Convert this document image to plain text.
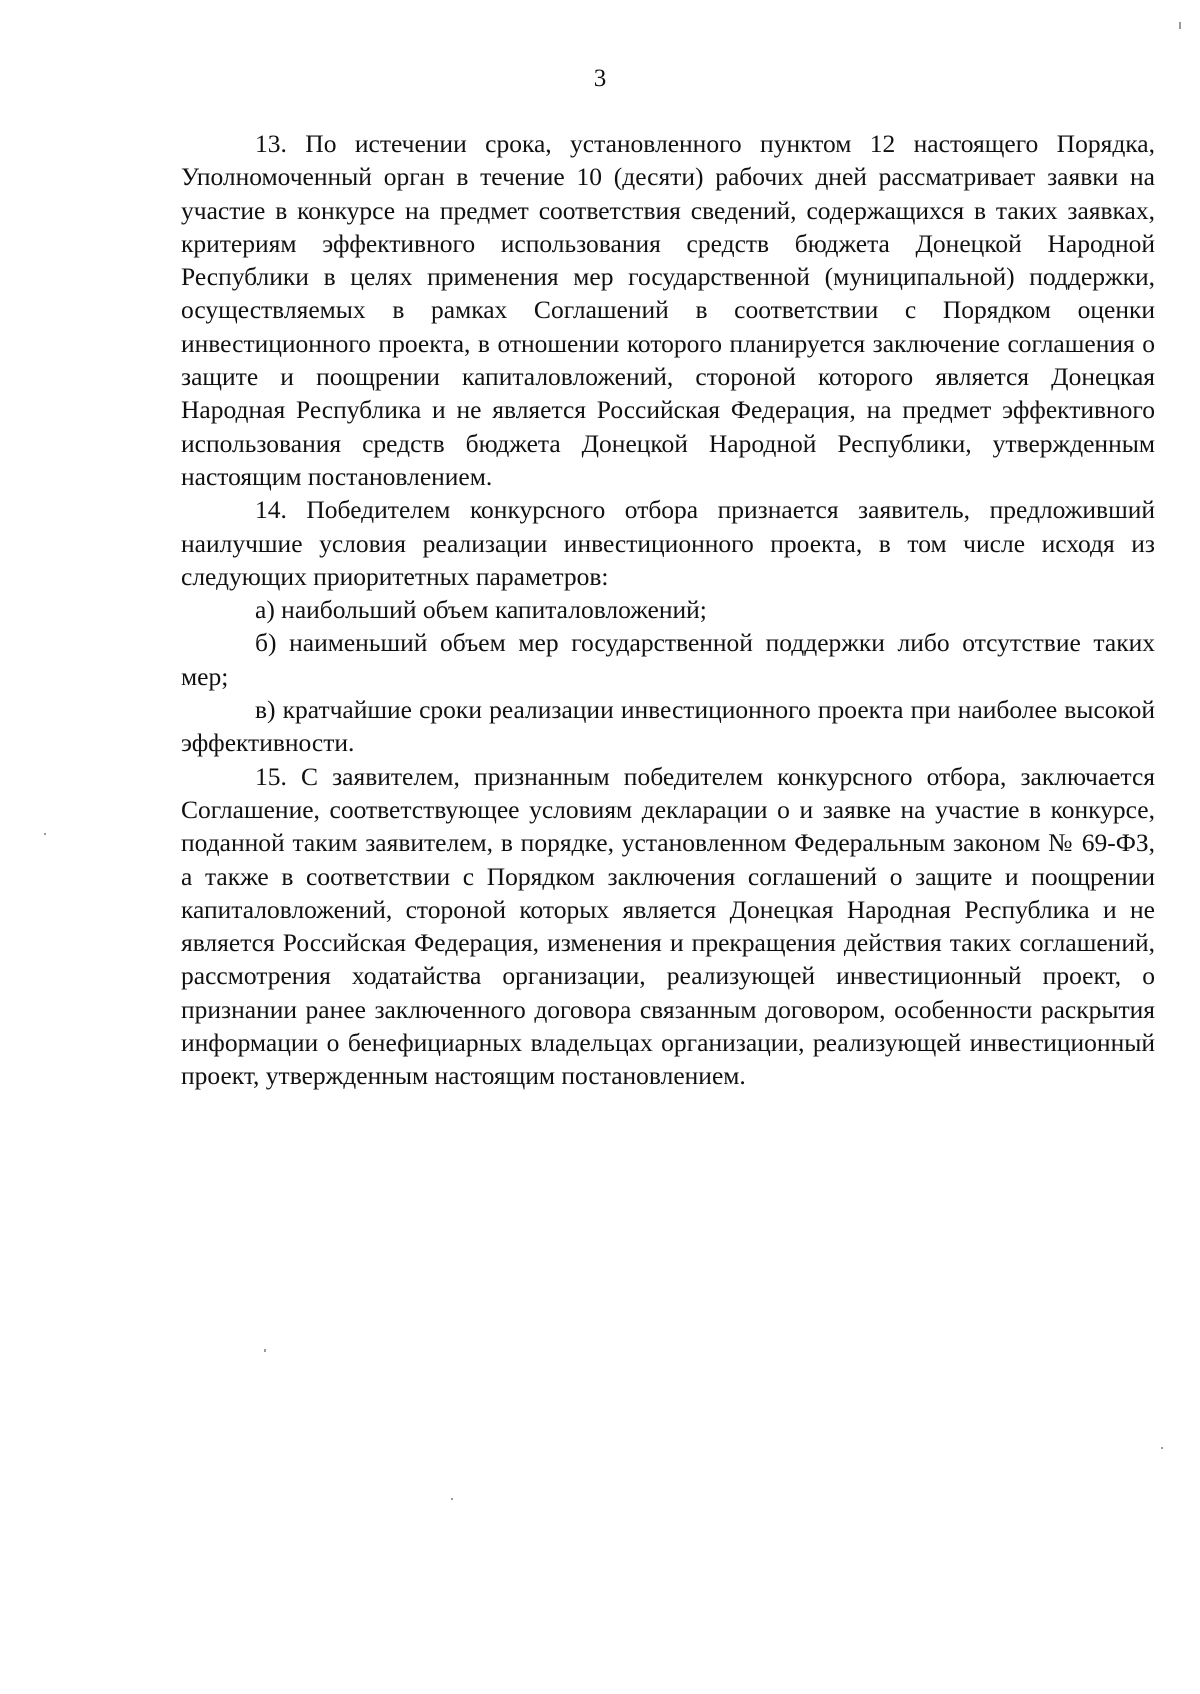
3

13. По истечении срока, установленного пунктом 12 настоящего Порядка, Уполномоченный орган в течение 10 (десяти) рабочих дней рассматривает заявки на участие в конкурсе на предмет соответствия сведений, содержащихся в таких заявках, критериям эффективного использования средств бюджета Донецкой Народной Республики в целях применения мер государственной (муниципальной) поддержки, осуществляемых в рамках Соглашений в соответствии с Порядком оценки инвестиционного проекта, в отношении которого планируется заключение соглашения о защите и поощрении капиталовложений, стороной которого является Донецкая Народная Республика и не является Российская Федерация, на предмет эффективного использования средств бюджета Донецкой Народной Республики, утвержденным настоящим постановлением.

14. Победителем конкурсного отбора признается заявитель, предложивший наилучшие условия реализации инвестиционного проекта, в том числе исходя из следующих приоритетных параметров:

а) наибольший объем капиталовложений;

б) наименьший объем мер государственной поддержки либо отсутствие таких мер;

в) кратчайшие сроки реализации инвестиционного проекта при наиболее высокой эффективности.

15. С заявителем, признанным победителем конкурсного отбора, заключается Соглашение, соответствующее условиям декларации о и заявке на участие в конкурсе, поданной таким заявителем, в порядке, установленном Федеральным законом № 69-ФЗ, а также в соответствии с Порядком заключения соглашений о защите и поощрении капиталовложений, стороной которых является Донецкая Народная Республика и не является Российская Федерация, изменения и прекращения действия таких соглашений, рассмотрения ходатайства организации, реализующей инвестиционный проект, о признании ранее заключенного договора связанным договором, особенности раскрытия информации о бенефициарных владельцах организации, реализующей инвестиционный проект, утвержденным настоящим постановлением.
